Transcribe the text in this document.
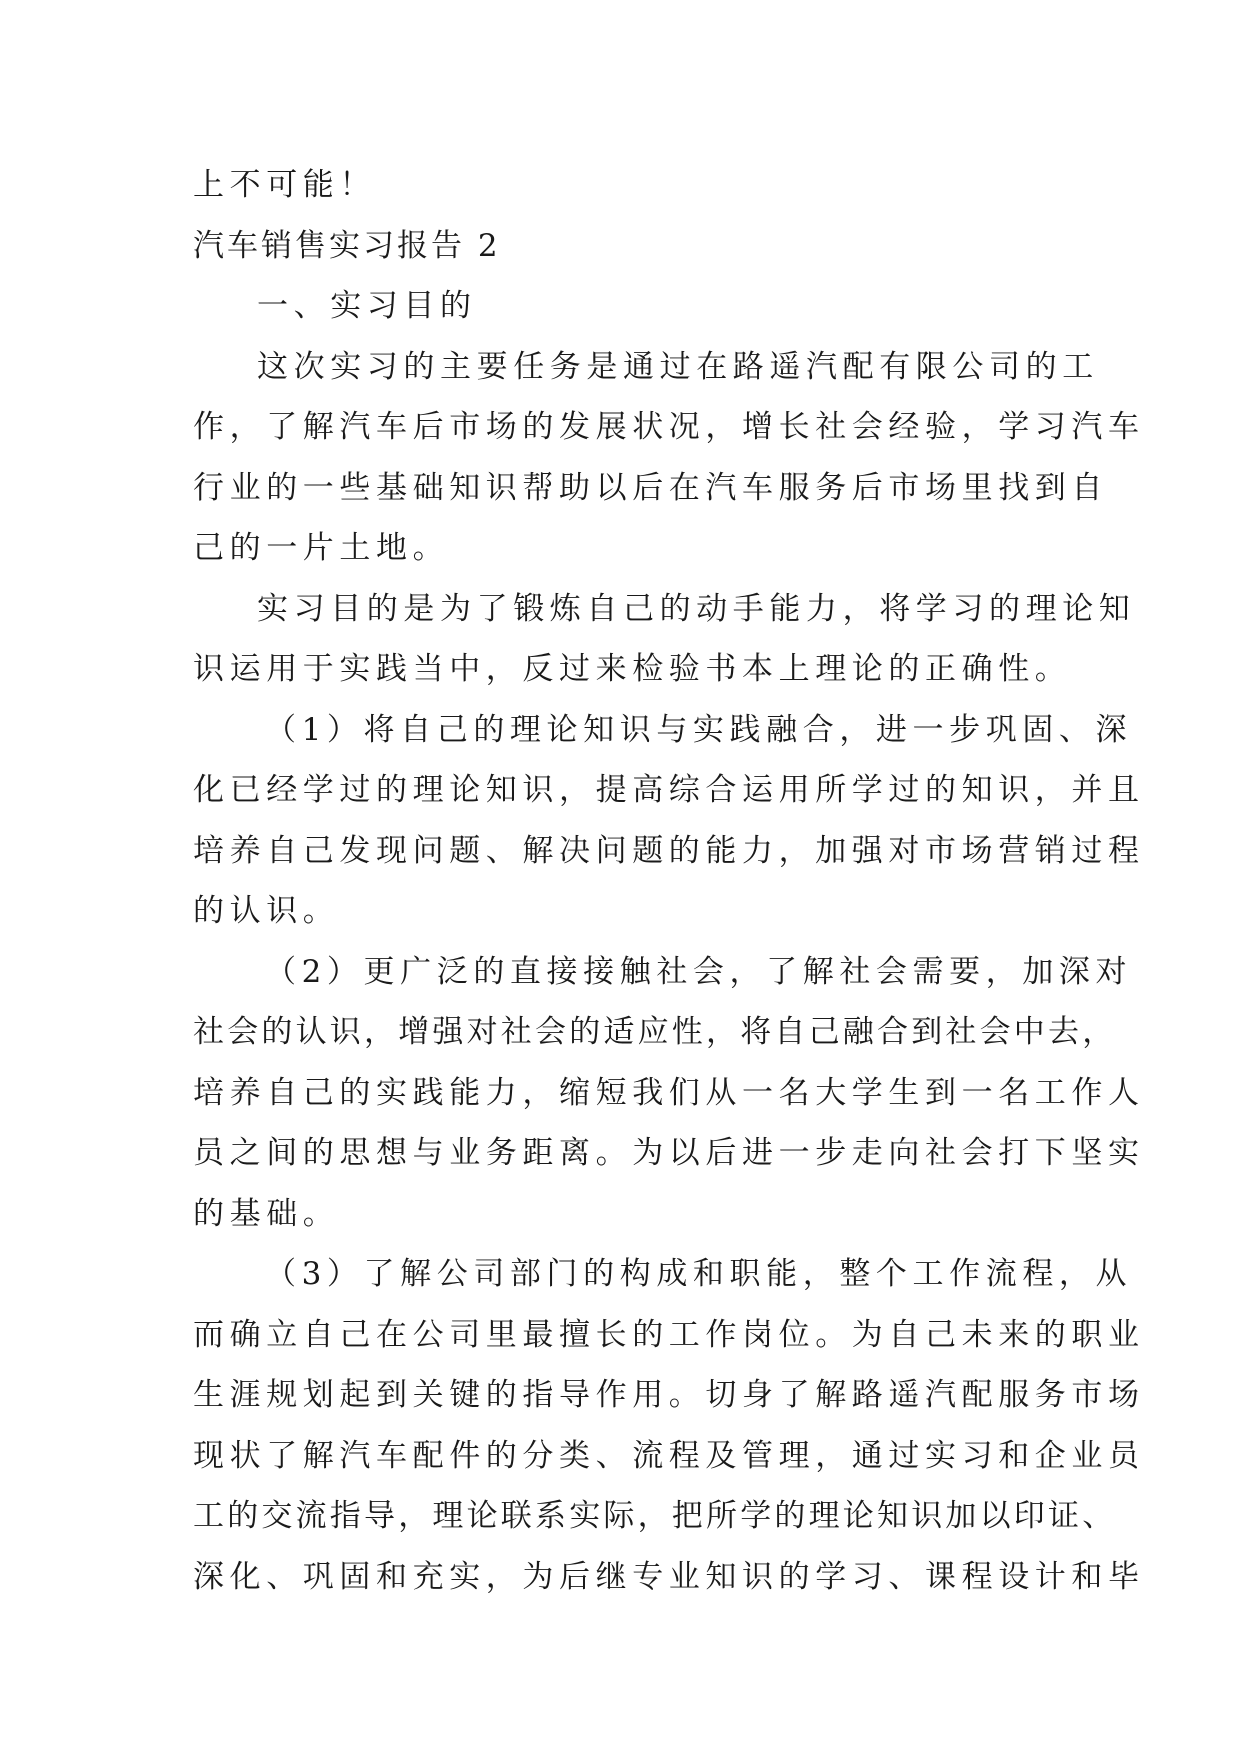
上不可能！
汽车销售实习报告 2
一、实习目的
这次实习的主要任务是通过在路遥汽配有限公司的工
作，了解汽车后市场的发展状况，增长社会经验，学习汽车
行业的一些基础知识帮助以后在汽车服务后市场里找到自
己的一片土地。
实习目的是为了锻炼自己的动手能力，将学习的理论知
识运用于实践当中，反过来检验书本上理论的正确性。
（1）将自己的理论知识与实践融合，进一步巩固、深
化已经学过的理论知识，提高综合运用所学过的知识，并且
培养自己发现问题、解决问题的能力，加强对市场营销过程
的认识。
（2）更广泛的直接接触社会，了解社会需要，加深对
社会的认识，增强对社会的适应性，将自己融合到社会中去，
培养自己的实践能力，缩短我们从一名大学生到一名工作人
员之间的思想与业务距离。为以后进一步走向社会打下坚实
的基础。
（3）了解公司部门的构成和职能，整个工作流程，从
而确立自己在公司里最擅长的工作岗位。为自己未来的职业
生涯规划起到关键的指导作用。切身了解路遥汽配服务市场
现状了解汽车配件的分类、流程及管理，通过实习和企业员
工的交流指导，理论联系实际，把所学的理论知识加以印证、
深化、巩固和充实，为后继专业知识的学习、课程设计和毕
